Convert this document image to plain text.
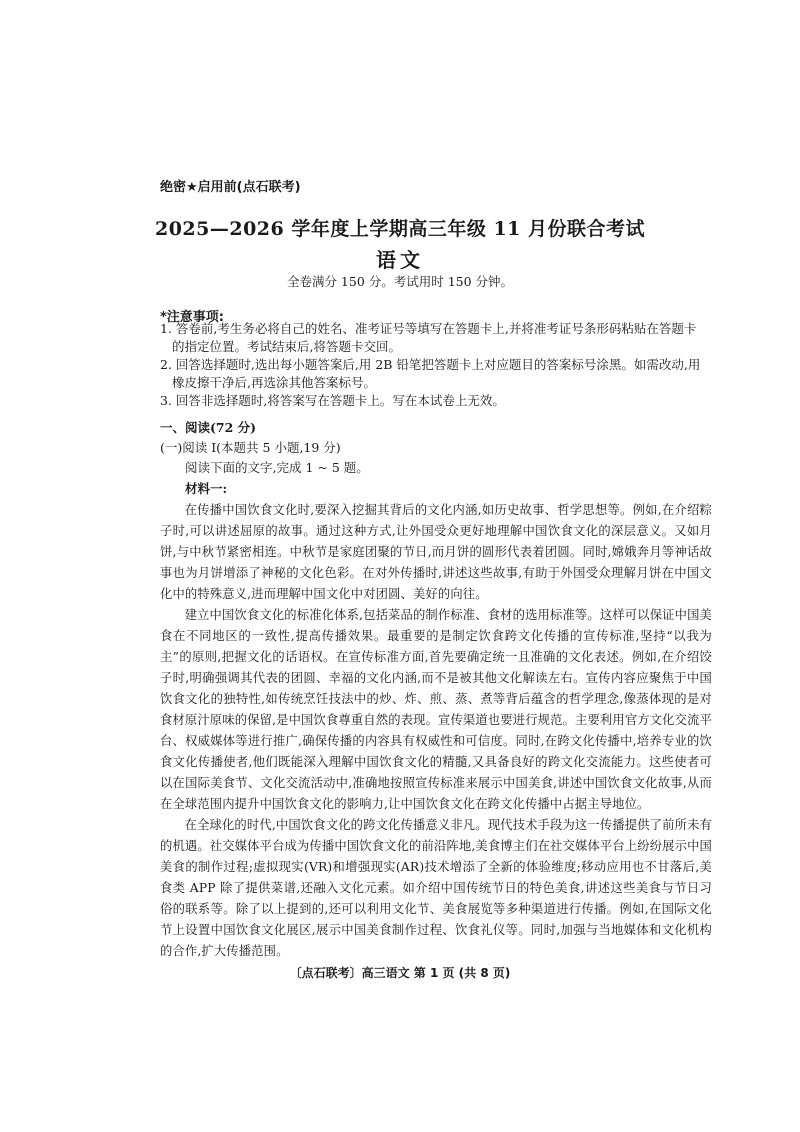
绝密★启用前(点石联考)
2025—2026 学年度上学期高三年级 11 月份联合考试
语文
全卷满分 150 分。考试用时 150 分钟。
*注意事项:

1. 答卷前,考生务必将自己的姓名、准考证号等填写在答题卡上,并将准考证号条形码粘贴在答题卡的指定位置。考试结束后,将答题卡交回。

2. 回答选择题时,选出每小题答案后,用 2B 铅笔把答题卡上对应题目的答案标号涂黑。如需改动,用橡皮擦干净后,再选涂其他答案标号。

3. 回答非选择题时,将答案写在答题卡上。写在本试卷上无效。

一、阅读(72 分)
(一)阅读 I(本题共 5 小题,19 分)
阅读下面的文字,完成 1 ~ 5 题。
材料一:

在传播中国饮食文化时,要深入挖掘其背后的文化内涵,如历史故事、哲学思想等。例如,在介绍粽子时,可以讲述屈原的故事。通过这种方式,让外国受众更好地理解中国饮食文化的深层意义。又如月饼,与中秋节紧密相连。中秋节是家庭团聚的节日,而月饼的圆形代表着团圆。同时,嫦娥奔月等神话故事也为月饼增添了神秘的文化色彩。在对外传播时,讲述这些故事,有助于外国受众理解月饼在中国文化中的特殊意义,进而理解中国文化中对团圆、美好的向往。

建立中国饮食文化的标准化体系,包括菜品的制作标准、食材的选用标准等。这样可以保证中国美食在不同地区的一致性,提高传播效果。最重要的是制定饮食跨文化传播的宣传标准,坚持“以我为主”的原则,把握文化的话语权。在宣传标准方面,首先要确定统一且准确的文化表述。例如,在介绍饺子时,明确强调其代表的团圆、幸福的文化内涵,而不是被其他文化解读左右。宣传内容应聚焦于中国饮食文化的独特性,如传统烹饪技法中的炒、炸、煎、蒸、煮等背后蕴含的哲学理念,像蒸体现的是对食材原汁原味的保留,是中国饮食尊重自然的表现。宣传渠道也要进行规范。主要利用官方文化交流平台、权威媒体等进行推广,确保传播的内容具有权威性和可信度。同时,在跨文化传播中,培养专业的饮食文化传播使者,他们既能深入理解中国饮食文化的精髓,又具备良好的跨文化交流能力。这些使者可以在国际美食节、文化交流活动中,准确地按照宣传标准来展示中国美食,讲述中国饮食文化故事,从而在全球范围内提升中国饮食文化的影响力,让中国饮食文化在跨文化传播中占据主导地位。

在全球化的时代,中国饮食文化的跨文化传播意义非凡。现代技术手段为这一传播提供了前所未有的机遇。社交媒体平台成为传播中国饮食文化的前沿阵地,美食博主们在社交媒体平台上纷纷展示中国美食的制作过程;虚拟现实(VR)和增强现实(AR)技术增添了全新的体验维度;移动应用也不甘落后,美食类 APP 除了提供菜谱,还融入文化元素。如介绍中国传统节日的特色美食,讲述这些美食与节日习俗的联系等。除了以上提到的,还可以利用文化节、美食展览等多种渠道进行传播。例如,在国际文化节上设置中国饮食文化展区,展示中国美食制作过程、饮食礼仪等。同时,加强与当地媒体和文化机构的合作,扩大传播范围。

〔点石联考〕高三语文 第 1 页 (共 8 页)
